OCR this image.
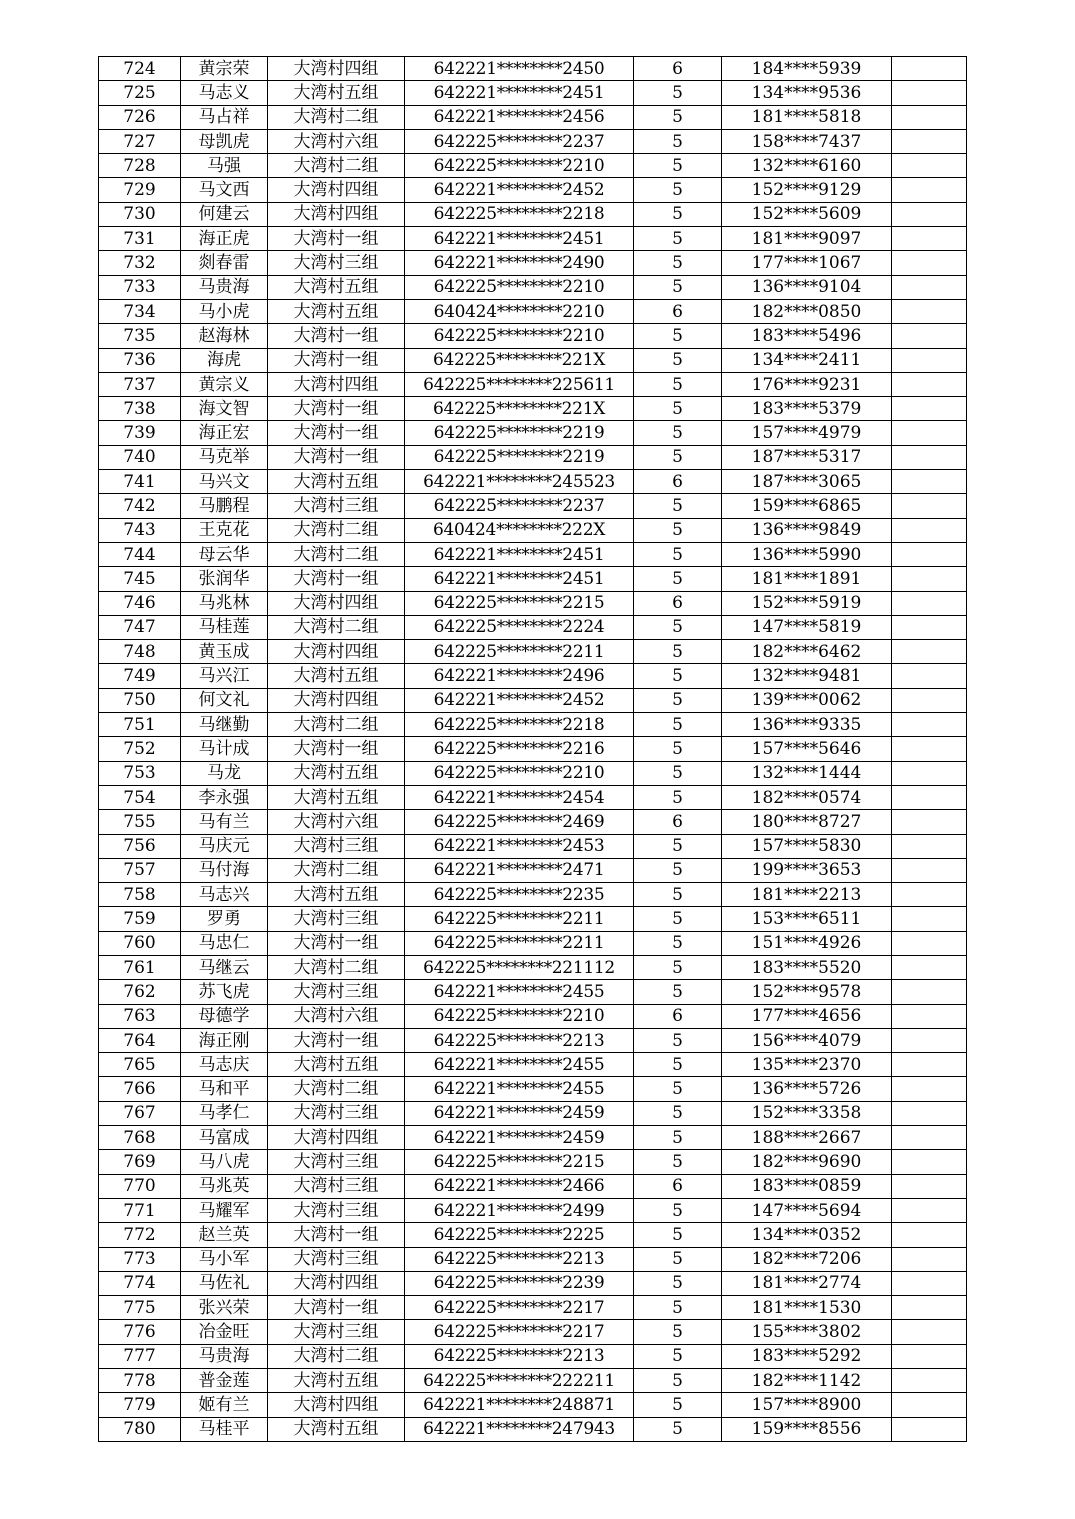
724	黄宗荣	大湾村四组	642221********2450	6	184****5939	
725	马志义	大湾村五组	642221********2451	5	134****9536	
726	马占祥	大湾村二组	642221********2456	5	181****5818	
727	母凯虎	大湾村六组	642225********2237	5	158****7437	
728	马强	大湾村二组	642225********2210	5	132****6160	
729	马文西	大湾村四组	642221********2452	5	152****9129	
730	何建云	大湾村四组	642225********2218	5	152****5609	
731	海正虎	大湾村一组	642221********2451	5	181****9097	
732	剡春雷	大湾村三组	642221********2490	5	177****1067	
733	马贵海	大湾村五组	642225********2210	5	136****9104	
734	马小虎	大湾村五组	640424********2210	6	182****0850	
735	赵海林	大湾村一组	642225********2210	5	183****5496	
736	海虎	大湾村一组	642225********221X	5	134****2411	
737	黄宗义	大湾村四组	642225********225611	5	176****9231	
738	海文智	大湾村一组	642225********221X	5	183****5379	
739	海正宏	大湾村一组	642225********2219	5	157****4979	
740	马克举	大湾村一组	642225********2219	5	187****5317	
741	马兴文	大湾村五组	642221********245523	6	187****3065	
742	马鹏程	大湾村三组	642225********2237	5	159****6865	
743	王克花	大湾村二组	640424********222X	5	136****9849	
744	母云华	大湾村二组	642221********2451	5	136****5990	
745	张润华	大湾村一组	642221********2451	5	181****1891	
746	马兆林	大湾村四组	642225********2215	6	152****5919	
747	马桂莲	大湾村二组	642225********2224	5	147****5819	
748	黄玉成	大湾村四组	642225********2211	5	182****6462	
749	马兴江	大湾村五组	642221********2496	5	132****9481	
750	何文礼	大湾村四组	642221********2452	5	139****0062	
751	马继勤	大湾村二组	642225********2218	5	136****9335	
752	马计成	大湾村一组	642225********2216	5	157****5646	
753	马龙	大湾村五组	642225********2210	5	132****1444	
754	李永强	大湾村五组	642221********2454	5	182****0574	
755	马有兰	大湾村六组	642225********2469	6	180****8727	
756	马庆元	大湾村三组	642221********2453	5	157****5830	
757	马付海	大湾村二组	642221********2471	5	199****3653	
758	马志兴	大湾村五组	642225********2235	5	181****2213	
759	罗勇	大湾村三组	642225********2211	5	153****6511	
760	马忠仁	大湾村一组	642225********2211	5	151****4926	
761	马继云	大湾村二组	642225********221112	5	183****5520	
762	苏飞虎	大湾村三组	642221********2455	5	152****9578	
763	母德学	大湾村六组	642225********2210	6	177****4656	
764	海正刚	大湾村一组	642225********2213	5	156****4079	
765	马志庆	大湾村五组	642221********2455	5	135****2370	
766	马和平	大湾村二组	642221********2455	5	136****5726	
767	马孝仁	大湾村三组	642221********2459	5	152****3358	
768	马富成	大湾村四组	642221********2459	5	188****2667	
769	马八虎	大湾村三组	642225********2215	5	182****9690	
770	马兆英	大湾村三组	642221********2466	6	183****0859	
771	马耀军	大湾村三组	642221********2499	5	147****5694	
772	赵兰英	大湾村一组	642225********2225	5	134****0352	
773	马小军	大湾村三组	642225********2213	5	182****7206	
774	马佐礼	大湾村四组	642225********2239	5	181****2774	
775	张兴荣	大湾村一组	642225********2217	5	181****1530	
776	冶金旺	大湾村三组	642225********2217	5	155****3802	
777	马贵海	大湾村二组	642225********2213	5	183****5292	
778	普金莲	大湾村五组	642225********222211	5	182****1142	
779	姬有兰	大湾村四组	642221********248871	5	157****8900	
780	马桂平	大湾村五组	642221********247943	5	159****8556	
